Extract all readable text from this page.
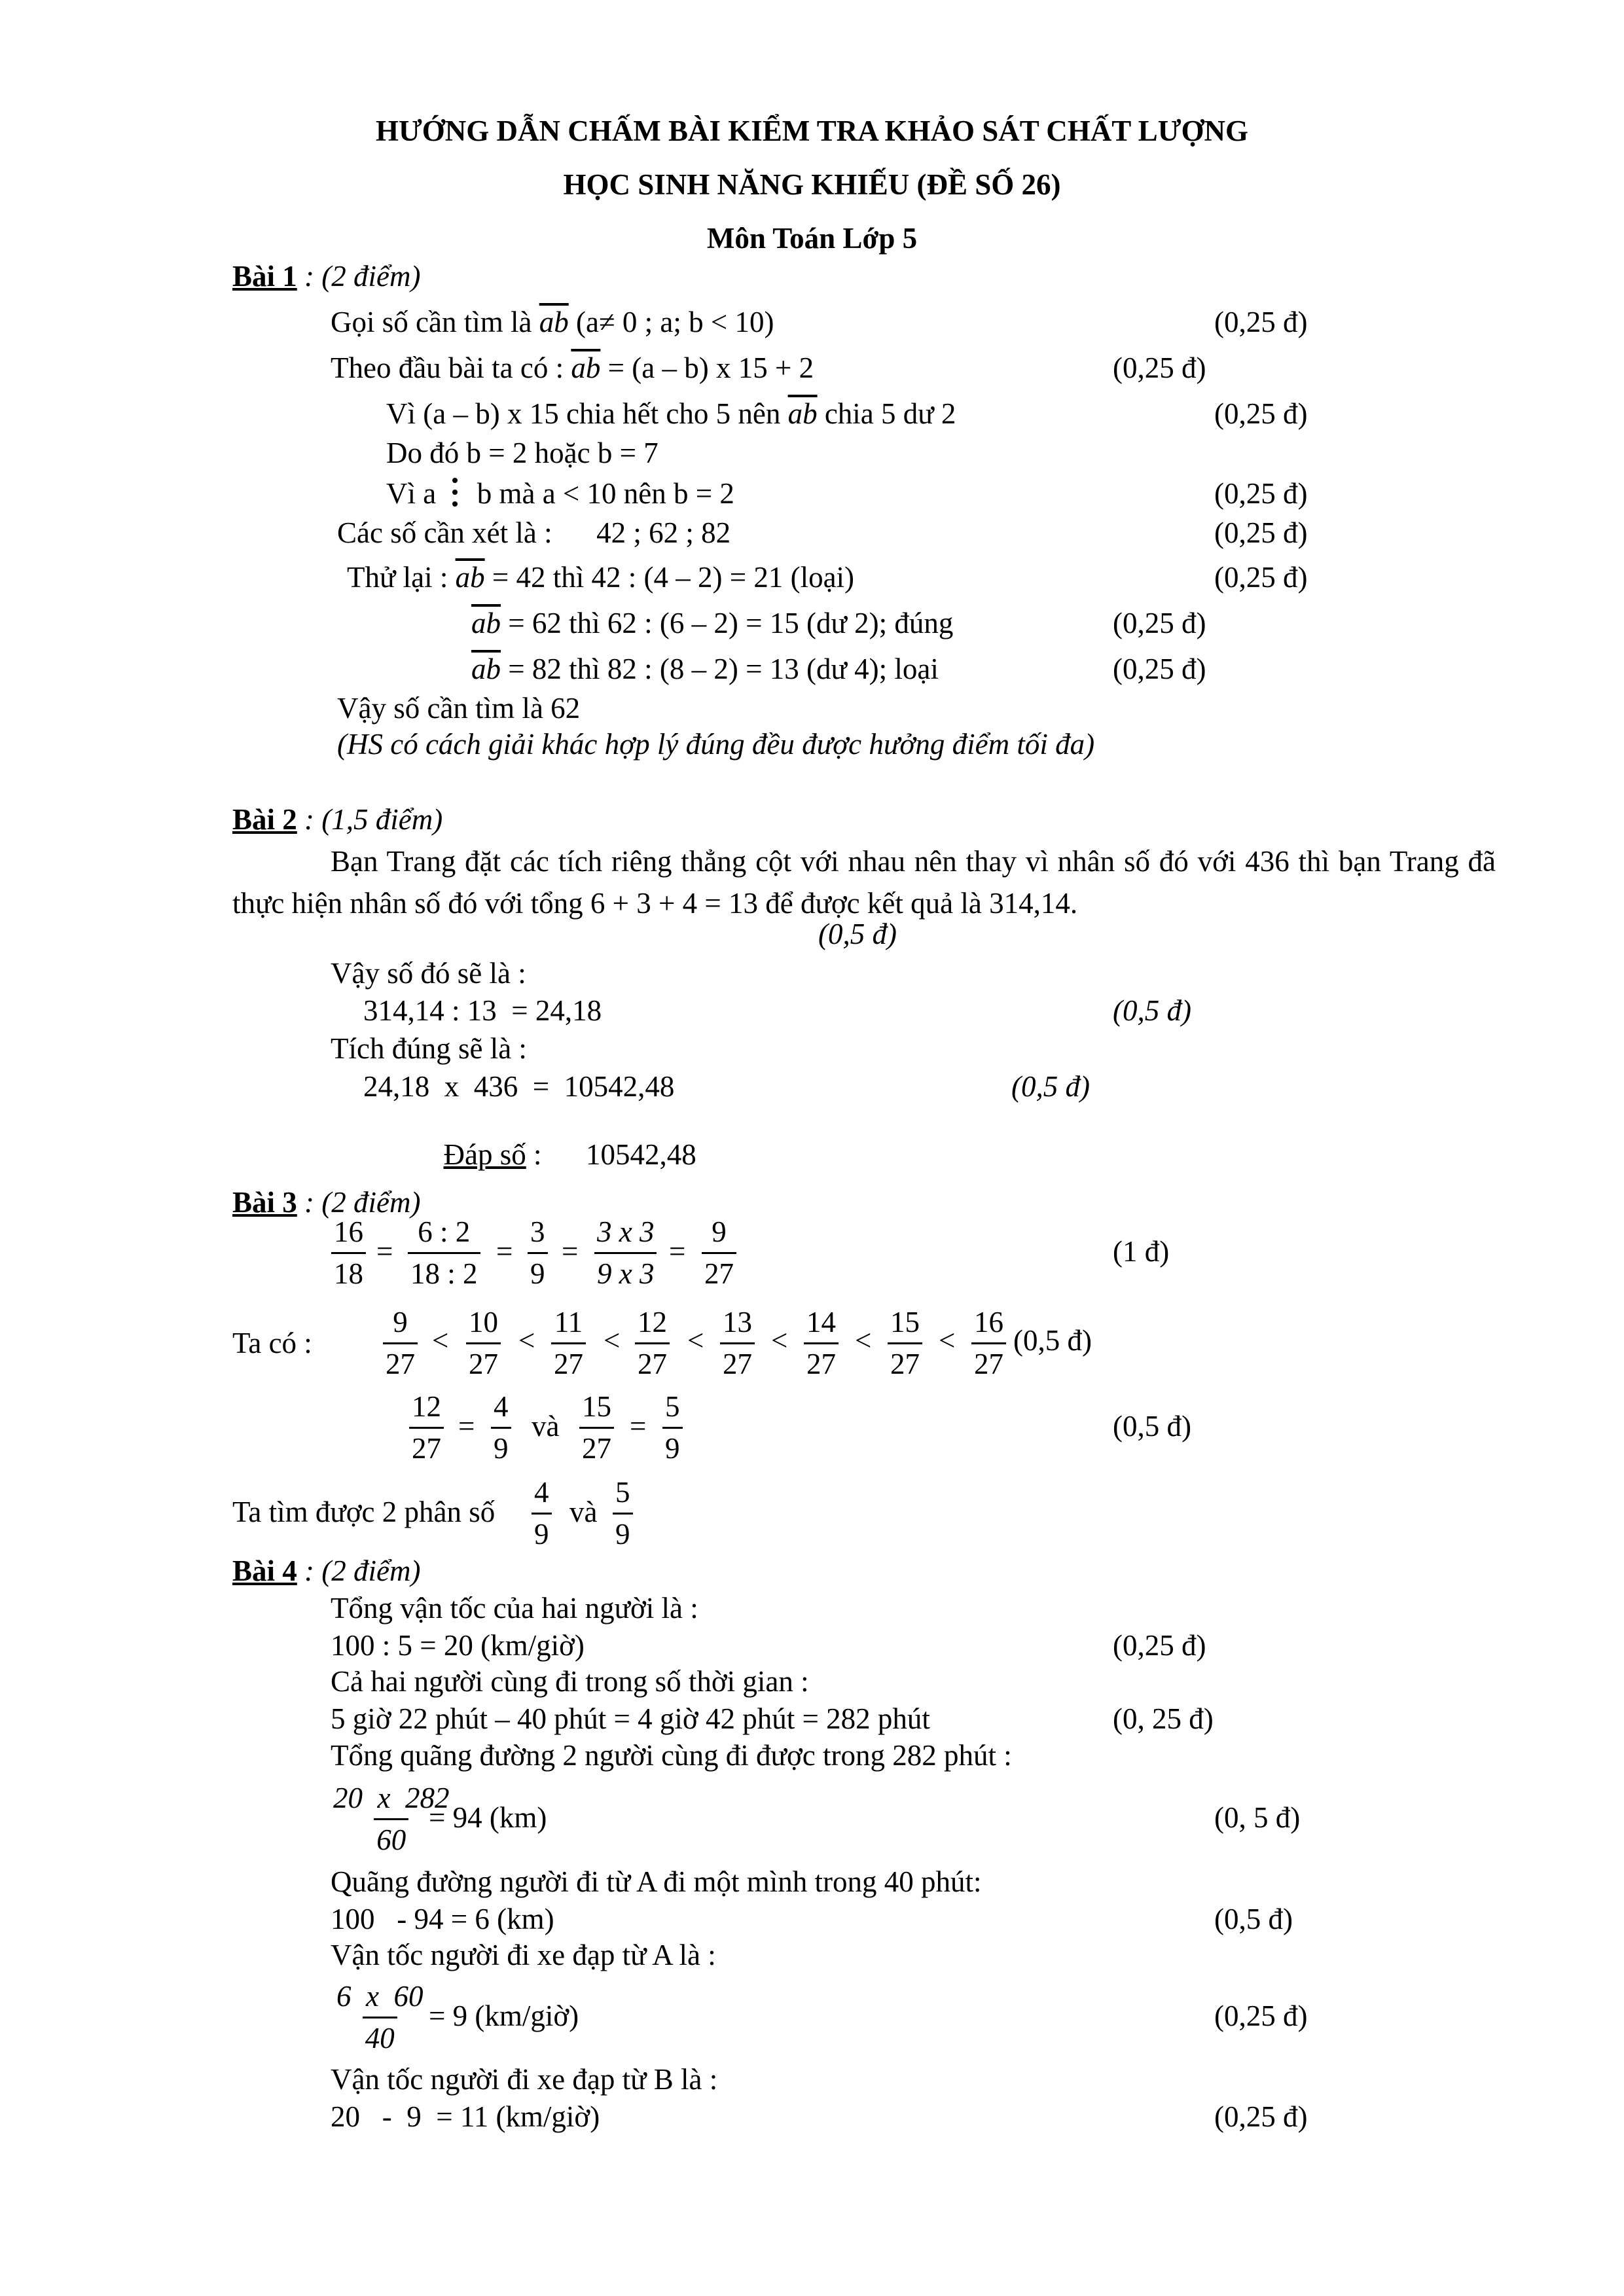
HƯỚNG DẪN CHẤM BÀI KIỂM TRA KHẢO SÁT CHẤT LƯỢNG
HỌC SINH NĂNG KHIẾU (ĐỀ SỐ 26)
Môn Toán Lớp 5
Bài 1 : (2 điểm)
Gọi số cần tìm là $\overline{ab}$ (a≠ 0 ; a; b < 10)	(0,25 đ)
Theo đầu bài ta có : $\overline{ab} = (a - b)$ x 15 + 2	(0,25 đ)
Vì (a – b) x 15 chia hết cho 5 nên $\overline{ab}$ chia 5 dư 2	(0,25 đ)
Do đó b = 2 hoặc b = 7
Vì a b mà a < 10 nên b = 2	(0,25 đ)
Các số cần xét là :      42 ; 62 ; 82	(0,25 đ)
Thử lại : $\overline{ab} = 42$ thì 42 : (4 – 2) = 21 (loại)	(0,25 đ)
$\overline{ab} = 62$ thì 62 : (6 – 2) = 15 (dư 2); đúng	(0,25 đ)
$\overline{ab} = 82$ thì 82 : (8 – 2) = 13 (dư 4); loại	(0,25 đ)
Vậy số cần tìm là 62
(HS có cách giải khác hợp lý đúng đều được hưởng điểm tối đa)
Bài 2 : (1,5 điểm)
Bạn Trang đặt các tích riêng thẳng cột với nhau nên thay vì nhân số đó với 436 thì bạn Trang đã thực hiện nhân số đó với tổng 6 + 3 + 4 = 13 để được kết quả là 314,14.
(0,5 đ)
Vậy số đó sẽ là :
314,14 : 13  = 24,18	(0,5 đ)
Tích đúng sẽ là :
24,18  x  436  =  10542,48	(0,5 đ)

Đáp số :      10542,48

Bài 3 : (2 điểm)
$\frac{16}{18} = \frac{6 : 2}{18 : 2} = \frac{3}{9} = \frac{3 x 3}{9 x 3} = \frac{9}{27}$	(1 đ)
Ta có : $\frac{9}{27} < \frac{10}{27} < \frac{11}{27} < \frac{12}{27} < \frac{13}{27} < \frac{14}{27} < \frac{15}{27} < \frac{16}{27} (0,5$ đ)
$\frac{12}{27} = \frac{4}{9}$ và $\frac{15}{27} = \frac{5}{9}$	(0,5 đ)
Ta tìm được 2 phân số $\frac{4}{9}$ và $\frac{5}{9}$
Bài 4 : (2 điểm)
Tổng vận tốc của hai người là :
100 : 5 = 20 (km/giờ)	(0,25 đ)
Cả hai người cùng đi trong số thời gian :
5 giờ 22 phút – 40 phút = 4 giờ 42 phút = 282 phút	(0, 25 đ)
Tổng quãng đường 2 người cùng đi được trong 282 phút :
$\frac{20 x 282}{60}$
= 94 (km)	(0, 5 đ)
Quãng đường người đi từ A đi một mình trong 40 phút:
100   - 94 = 6 (km)	(0,5 đ)
Vận tốc người đi xe đạp từ A là :
$\frac{6 x 60}{40} = 9$ (km/giờ)	(0,25 đ)
Vận tốc người đi xe đạp từ B là :
20   -  9  = 11 (km/giờ)	(0,25 đ)
